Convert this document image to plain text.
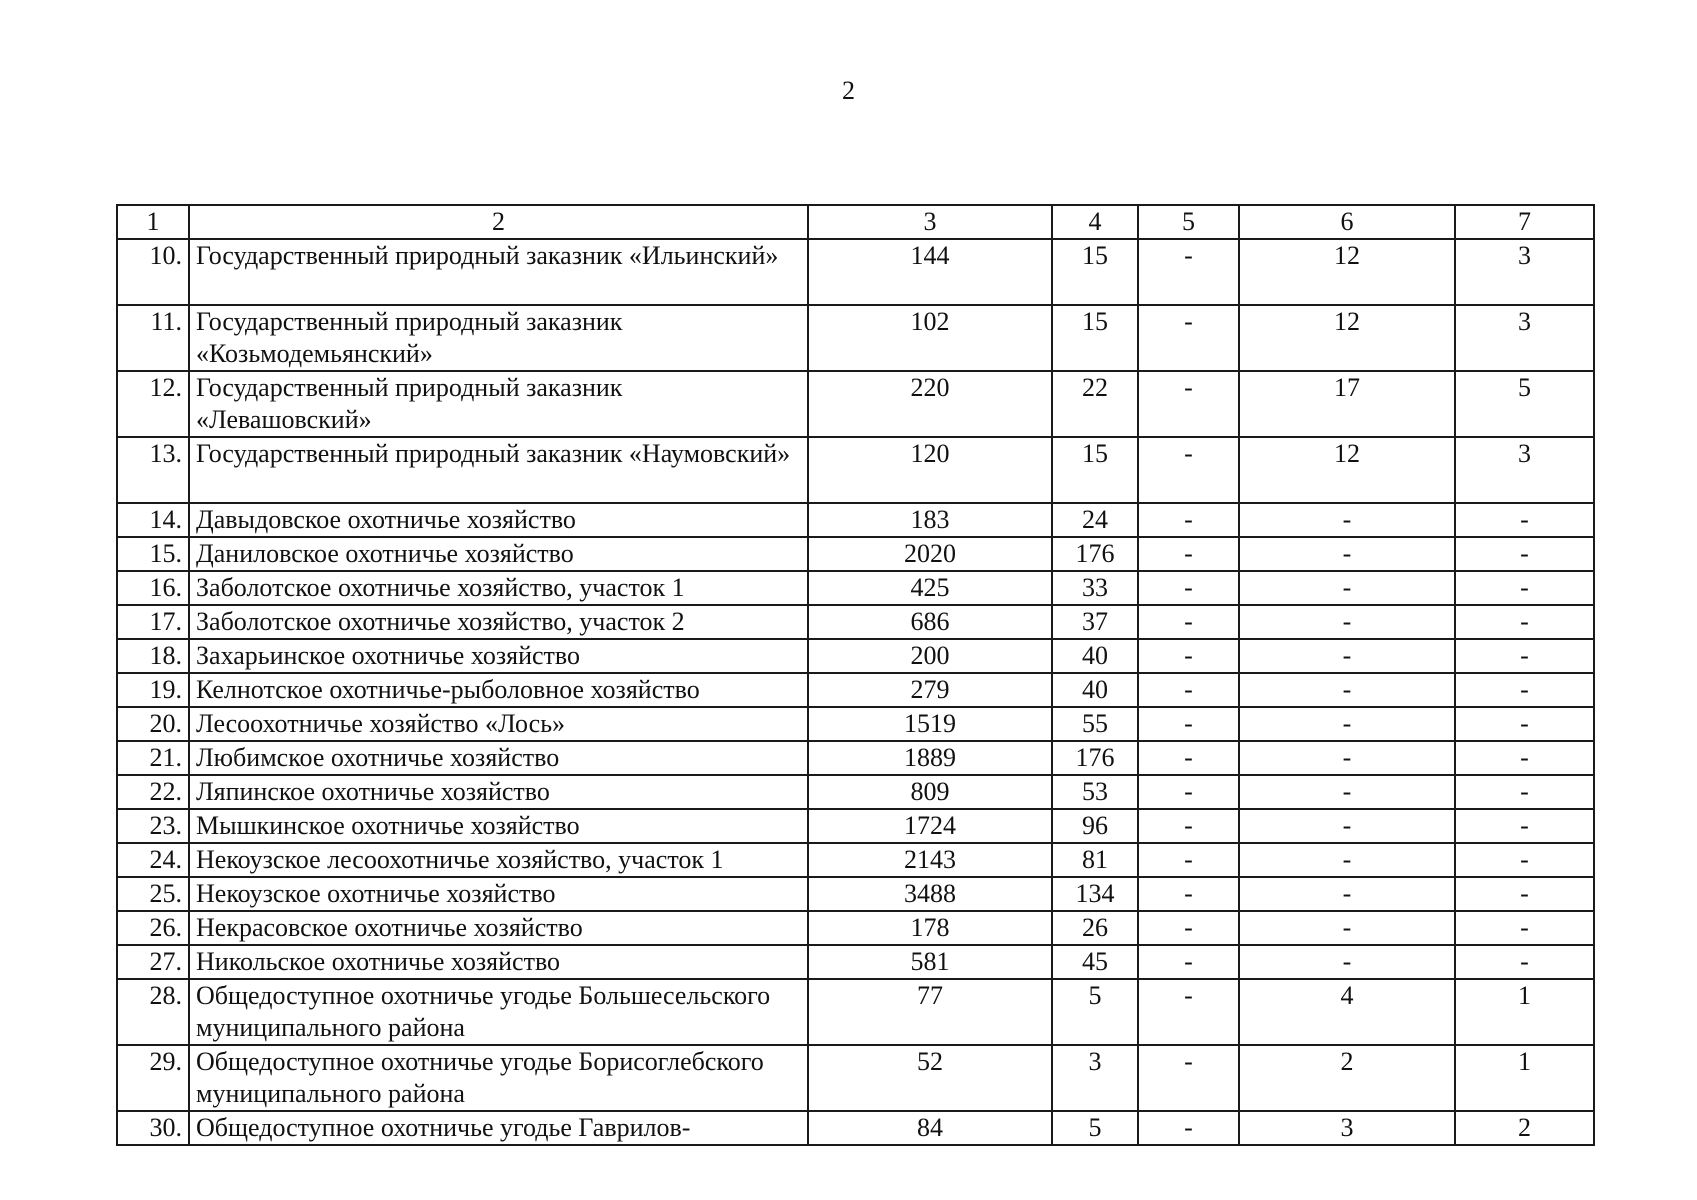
2
1	2	3	4	5	6	7
10.	Государственный природный заказник «Ильинский»	144	15	-	12	3
11.	Государственный природный заказник «Козьмодемьянский»	102	15	-	12	3
12.	Государственный природный заказник «Левашовский»	220	22	-	17	5
13.	Государственный природный заказник «Наумовский»	120	15	-	12	3
14.	Давыдовское охотничье хозяйство	183	24	-	-	-
15.	Даниловское охотничье хозяйство	2020	176	-	-	-
16.	Заболотское охотничье хозяйство, участок 1	425	33	-	-	-
17.	Заболотское охотничье хозяйство, участок 2	686	37	-	-	-
18.	Захарьинское охотничье хозяйство	200	40	-	-	-
19.	Келнотское охотничье-рыболовное хозяйство	279	40	-	-	-
20.	Лесоохотничье хозяйство «Лось»	1519	55	-	-	-
21.	Любимское охотничье хозяйство	1889	176	-	-	-
22.	Ляпинское охотничье хозяйство	809	53	-	-	-
23.	Мышкинское охотничье хозяйство	1724	96	-	-	-
24.	Некоузское лесоохотничье хозяйство, участок 1	2143	81	-	-	-
25.	Некоузское охотничье хозяйство	3488	134	-	-	-
26.	Некрасовское охотничье хозяйство	178	26	-	-	-
27.	Никольское охотничье хозяйство	581	45	-	-	-
28.	Общедоступное охотничье угодье Большесельского муниципального района	77	5	-	4	1
29.	Общедоступное охотничье угодье Борисоглебского муниципального района	52	3	-	2	1
30.	Общедоступное охотничье угодье Гаврилов-	84	5	-	3	2
